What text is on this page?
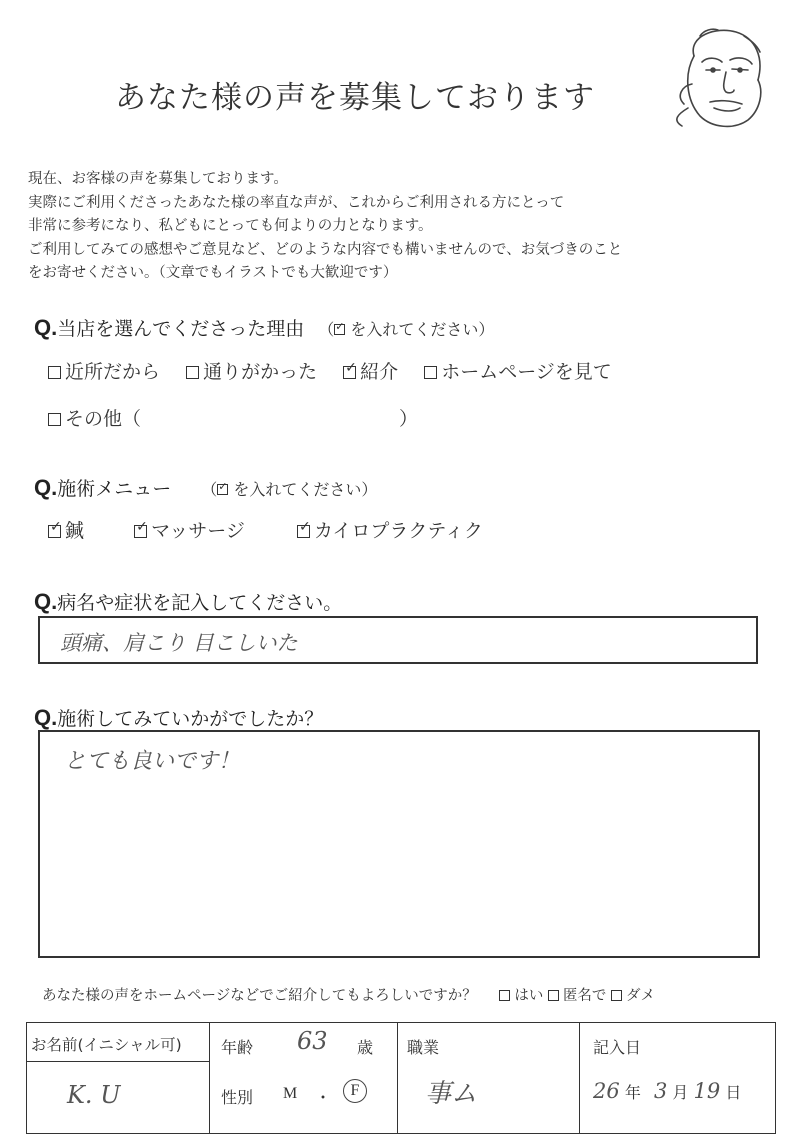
あなた様の声を募集しております
現在、お客様の声を募集しております。
実際にご利用くださったあなた様の率直な声が、これからご利用される方にとって
非常に参考になり、私どもにとっても何よりの力となります。
ご利用してみての感想やご意見など、どのような内容でも構いませんので、お気づきのこと
をお寄せください。（文章でもイラストでも大歓迎です）
Q.当店を選んでくださった理由 （ ✓ を入れてください）
近所だから 通りがかった ✓ 紹介 ホームページを見て
その他（	）
Q.施術メニュー （ ✓ を入れてください）
✓鍼 ✓	マッサージ ✓	カイロプラクティク
Q.病名や症状を記入してください。
頭痛、肩こり 目こしいた
Q.施術してみていかがでしたか？
とても良いです！
あなた様の声をホームページなどでご紹介してもよろしいですか？	はい 匿名で ダメ
お名前(イニシャル可)
K. U
年齢 63 歳
性別 M ・	F
職業
事ム
記入日
26 年 3 月 19 日
